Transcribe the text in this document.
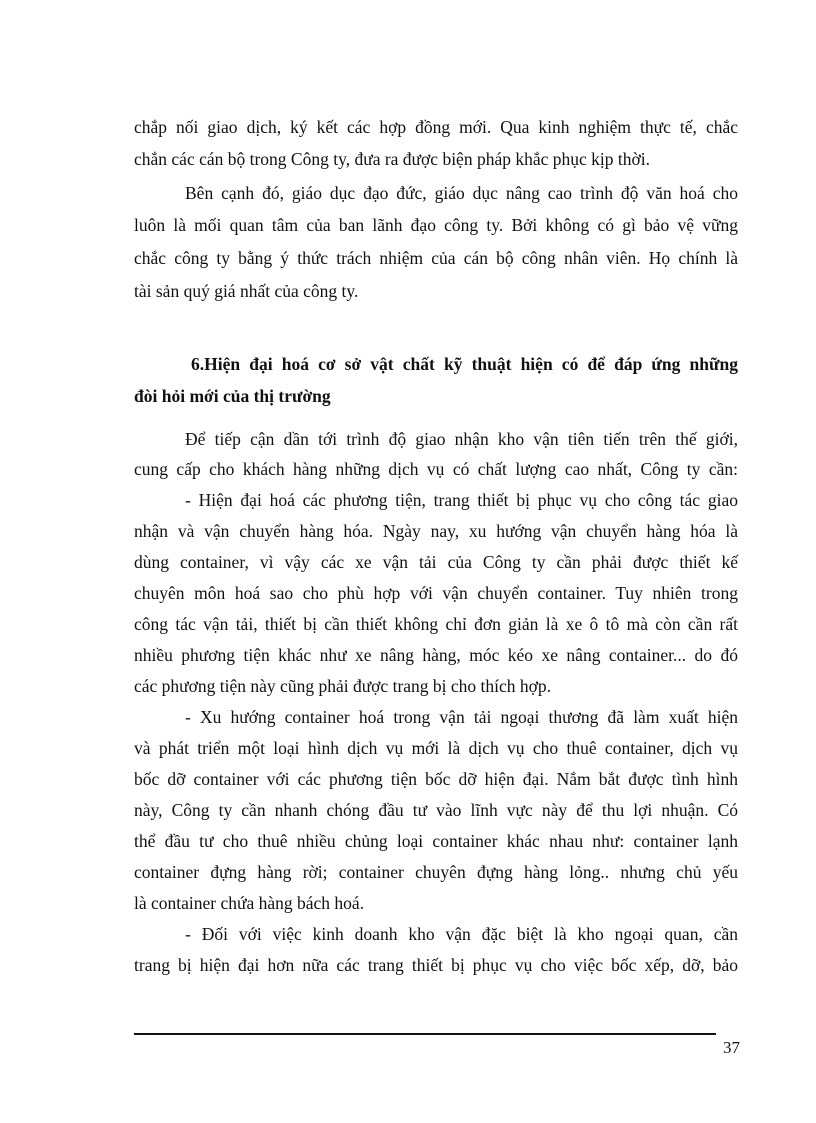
chắp nối giao dịch, ký kết các hợp đồng mới. Qua kinh nghiệm thực tế, chắc
chắn các cán bộ trong Công ty, đưa ra được biện pháp khắc phục kịp thời.
Bên cạnh đó, giáo dục đạo đức, giáo dục nâng cao trình độ văn hoá cho
luôn là mối quan tâm của ban lãnh đạo công ty. Bởi không có gì bảo vệ vững
chắc công ty bằng ý thức trách nhiệm của cán bộ công nhân viên. Họ chính là
tài sản quý giá nhất của công ty.
6.Hiện đại hoá cơ sở vật chất kỹ thuật hiện có để đáp ứng những
đòi hỏi mới của thị trường
Để tiếp cận dần tới trình độ giao nhận kho vận tiên tiến trên thế giới,
cung cấp cho khách hàng những dịch vụ có chất lượng cao nhất, Công ty cần:
- Hiện đại hoá các phương tiện, trang thiết bị phục vụ cho công tác giao
nhận và vận chuyển hàng hóa. Ngày nay, xu hướng vận chuyển hàng hóa là
dùng container, vì vậy các xe vận tải của Công ty cần phải được thiết kế
chuyên môn hoá sao cho phù hợp với vận chuyển container. Tuy nhiên trong
công tác vận tải, thiết bị cần thiết không chỉ đơn giản là xe ô tô mà còn cần rất
nhiều phương tiện khác như xe nâng hàng, móc kéo xe nâng container... do đó
các phương tiện này cũng phải được trang bị cho thích hợp.
- Xu hướng container hoá trong vận tải ngoại thương đã làm xuất hiện
và phát triển một loại hình dịch vụ mới là dịch vụ cho thuê container, dịch vụ
bốc dỡ container với các phương tiện bốc dỡ hiện đại. Nắm bắt được tình hình
này, Công ty cần nhanh chóng đầu tư vào lĩnh vực này để thu lợi nhuận. Có
thể đầu tư cho thuê nhiều chủng loại container khác nhau như: container lạnh
container đựng hàng rời; container chuyên đựng hàng lỏng.. nhưng chủ yếu
là container chứa hàng bách hoá.
- Đối với việc kinh doanh kho vận đặc biệt là kho ngoại quan, cần
trang bị hiện đại hơn nữa các trang thiết bị phục vụ cho việc bốc xếp, dỡ, bảo
37
